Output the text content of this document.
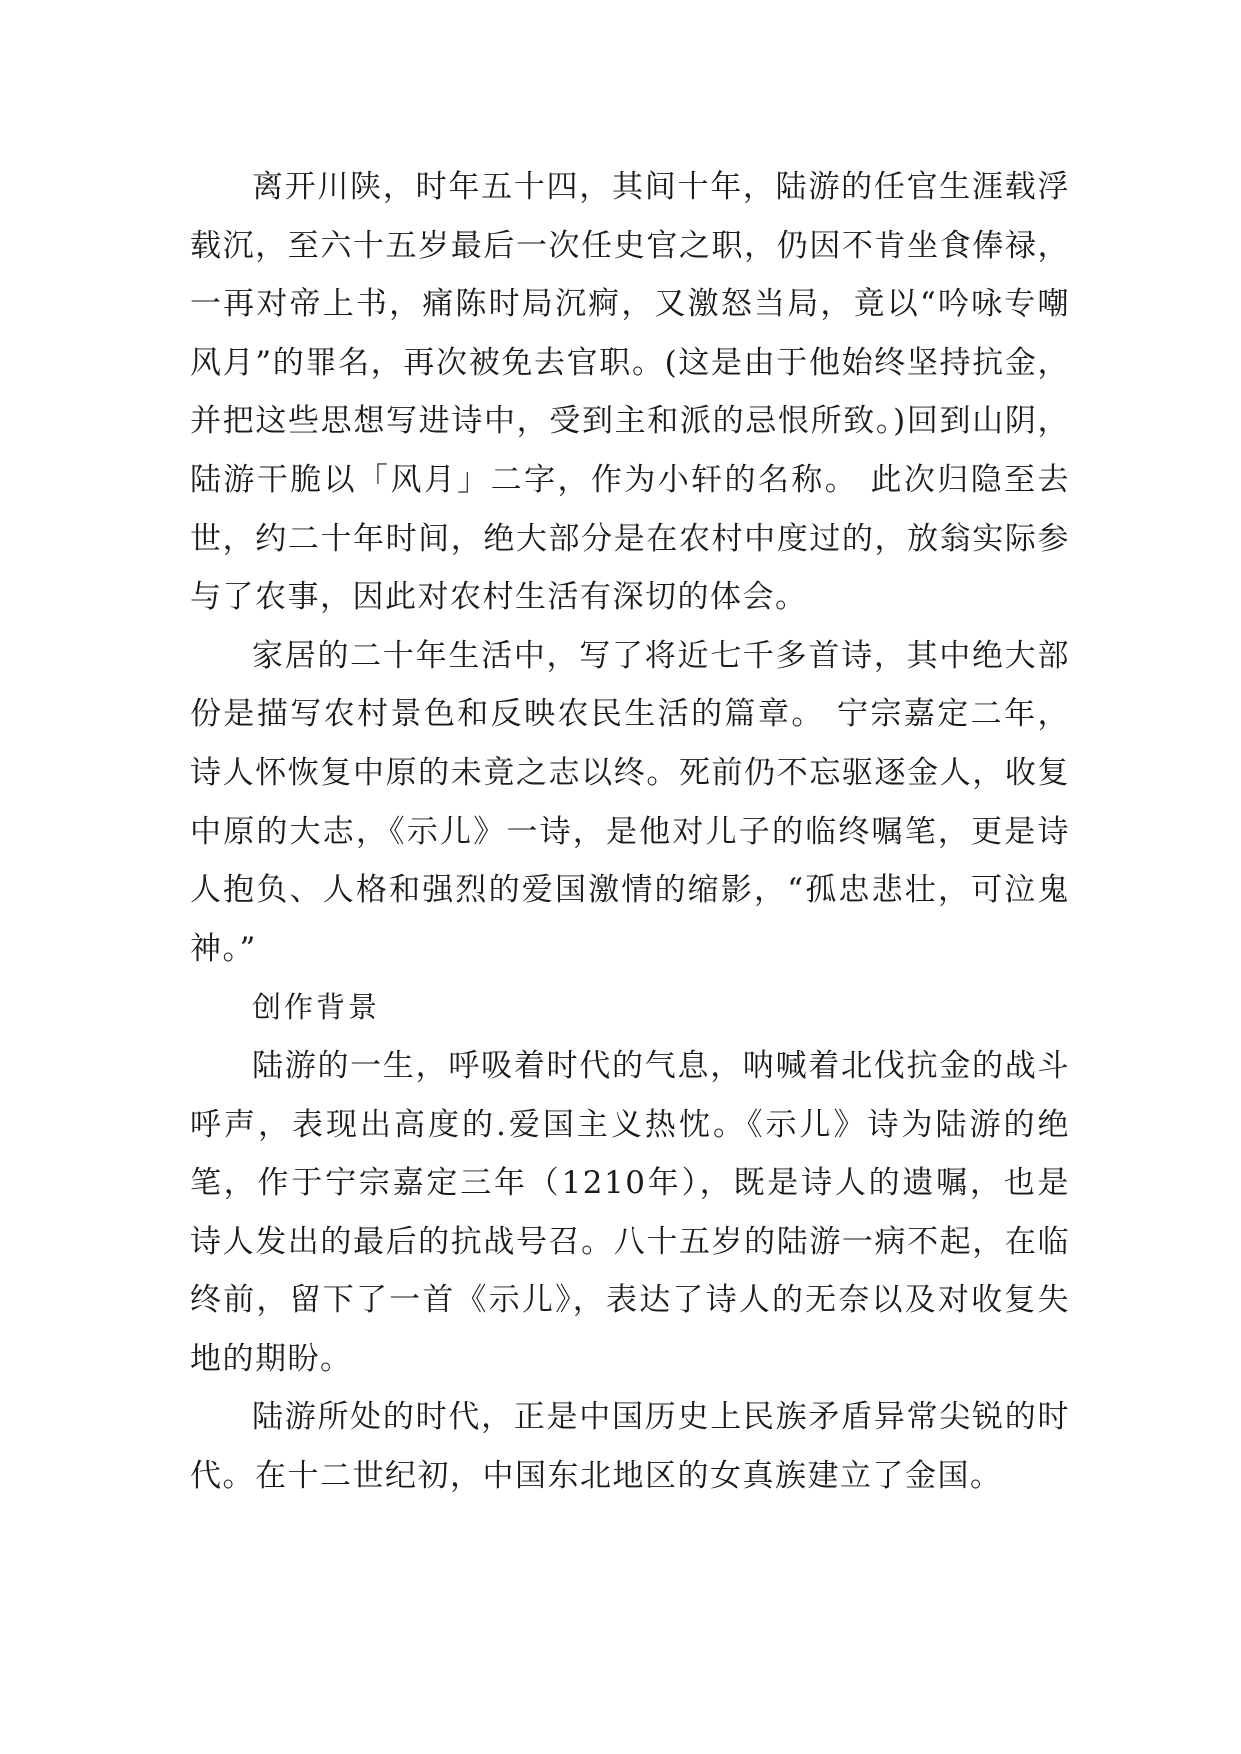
离开川陕，时年五十四，其间十年，陆游的任官生涯载浮载沉，至六十五岁最后一次任史官之职，仍因不肯坐食俸禄，一再对帝上书，痛陈时局沉痾，又激怒当局，竟以“吟咏专嘲风月”的罪名，再次被免去官职。(这是由于他始终坚持抗金，并把这些思想写进诗中，受到主和派的忌恨所致。)回到山阴，陆游干脆以「风月」二字，作为小轩的名称。 此次归隐至去世，约二十年时间，绝大部分是在农村中度过的，放翁实际参与了农事，因此对农村生活有深切的体会。

家居的二十年生活中，写了将近七千多首诗，其中绝大部份是描写农村景色和反映农民生活的篇章。 宁宗嘉定二年，诗人怀恢复中原的未竟之志以终。死前仍不忘驱逐金人，收复中原的大志，《示儿》一诗，是他对儿子的临终嘱笔，更是诗人抱负、人格和强烈的爱国激情的缩影，“孤忠悲壮，可泣鬼神。”

创作背景

陆游的一生，呼吸着时代的气息，呐喊着北伐抗金的战斗呼声，表现出高度的.爱国主义热忱。《示儿》诗为陆游的绝笔，作于宁宗嘉定三年（1210年），既是诗人的遗嘱，也是诗人发出的最后的抗战号召。八十五岁的陆游一病不起，在临终前，留下了一首《示儿》，表达了诗人的无奈以及对收复失地的期盼。

陆游所处的时代，正是中国历史上民族矛盾异常尖锐的时代。在十二世纪初，中国东北地区的女真族建立了金国。
